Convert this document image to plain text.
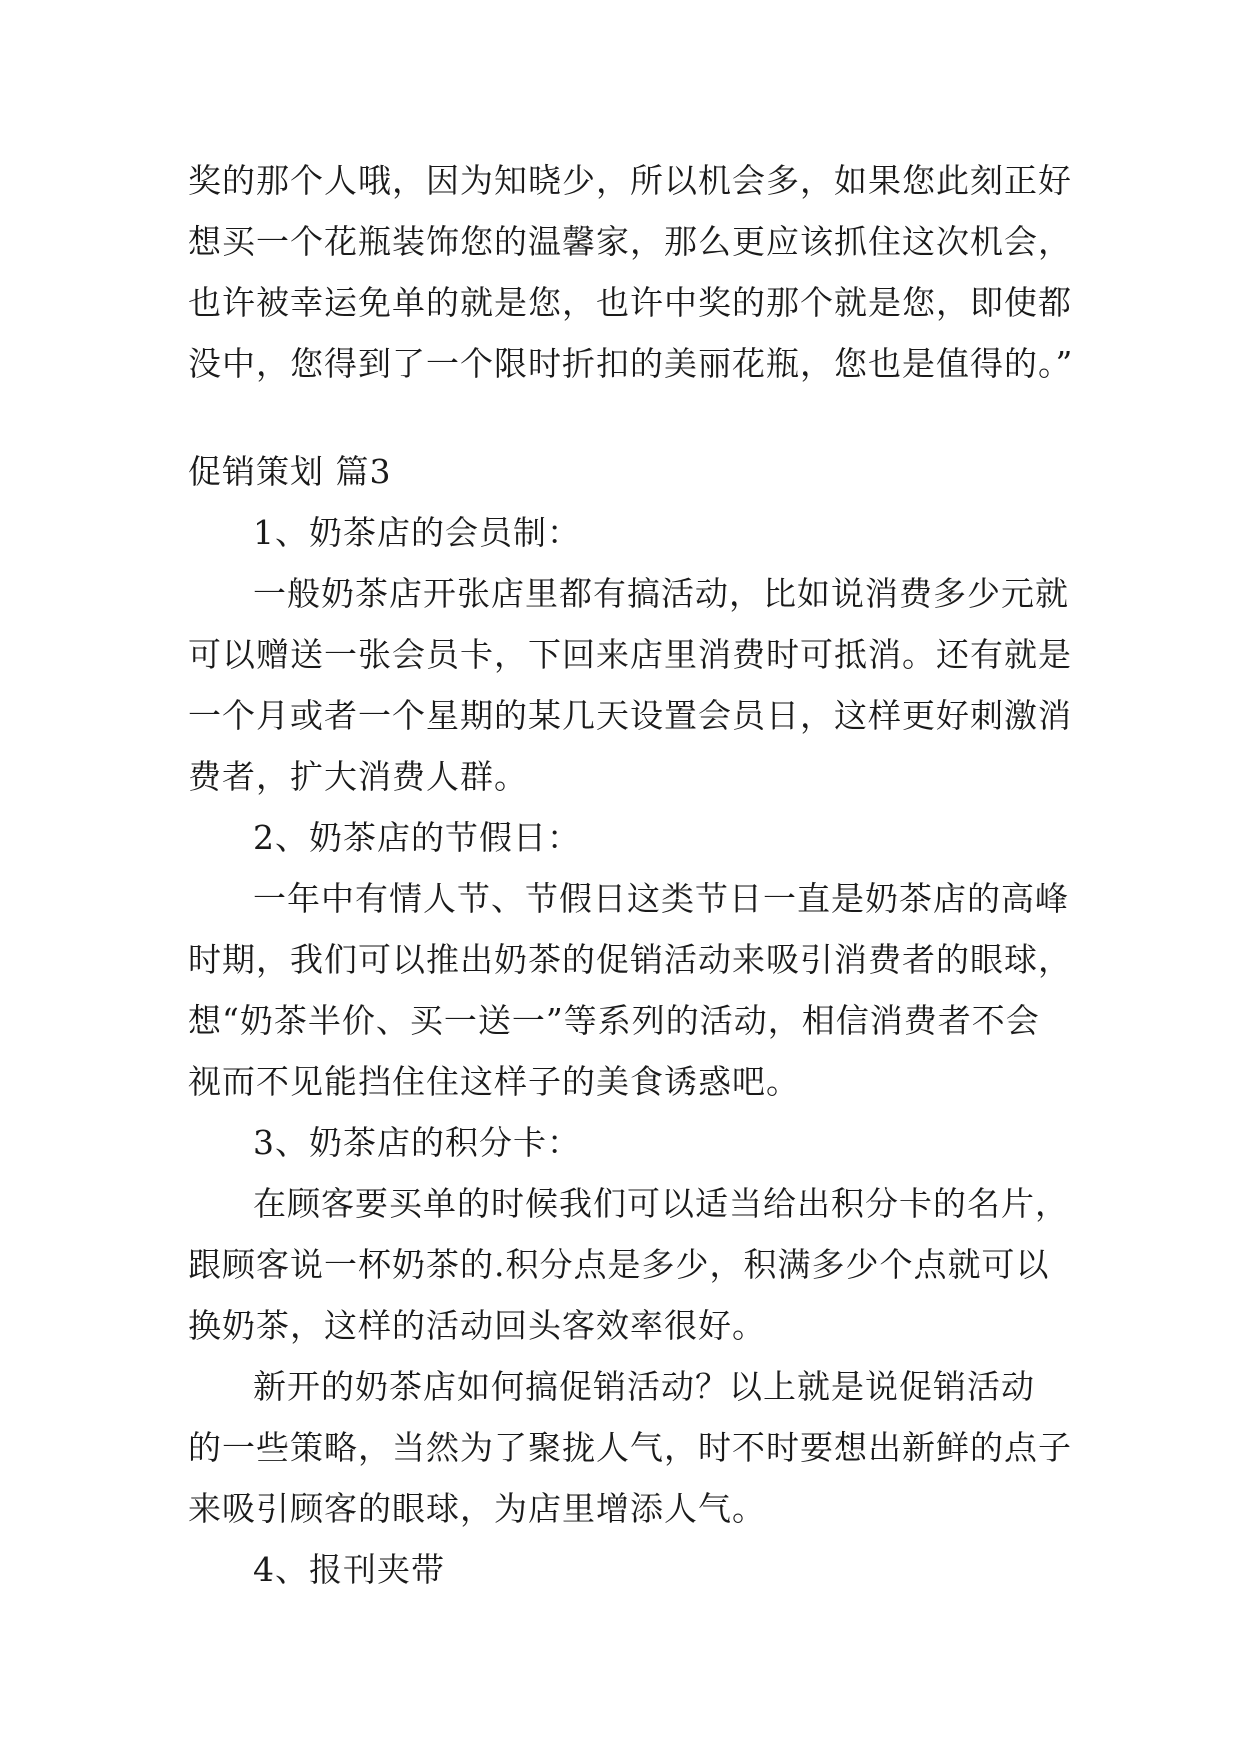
奖的那个人哦，因为知晓少，所以机会多，如果您此刻正好
想买一个花瓶装饰您的温馨家，那么更应该抓住这次机会，
也许被幸运免单的就是您，也许中奖的那个就是您，即使都
没中，您得到了一个限时折扣的美丽花瓶，您也是值得的。”
促销策划 篇3
1、奶茶店的会员制：
一般奶茶店开张店里都有搞活动，比如说消费多少元就
可以赠送一张会员卡，下回来店里消费时可抵消。还有就是
一个月或者一个星期的某几天设置会员日，这样更好刺激消
费者，扩大消费人群。
2、奶茶店的节假日：
一年中有情人节、节假日这类节日一直是奶茶店的高峰
时期，我们可以推出奶茶的促销活动来吸引消费者的眼球，
想“奶茶半价、买一送一”等系列的活动，相信消费者不会
视而不见能挡住住这样子的美食诱惑吧。
3、奶茶店的积分卡：
在顾客要买单的时候我们可以适当给出积分卡的名片，
跟顾客说一杯奶茶的.积分点是多少，积满多少个点就可以
换奶茶，这样的活动回头客效率很好。
新开的奶茶店如何搞促销活动？以上就是说促销活动
的一些策略，当然为了聚拢人气，时不时要想出新鲜的点子
来吸引顾客的眼球，为店里增添人气。
4、报刊夹带
